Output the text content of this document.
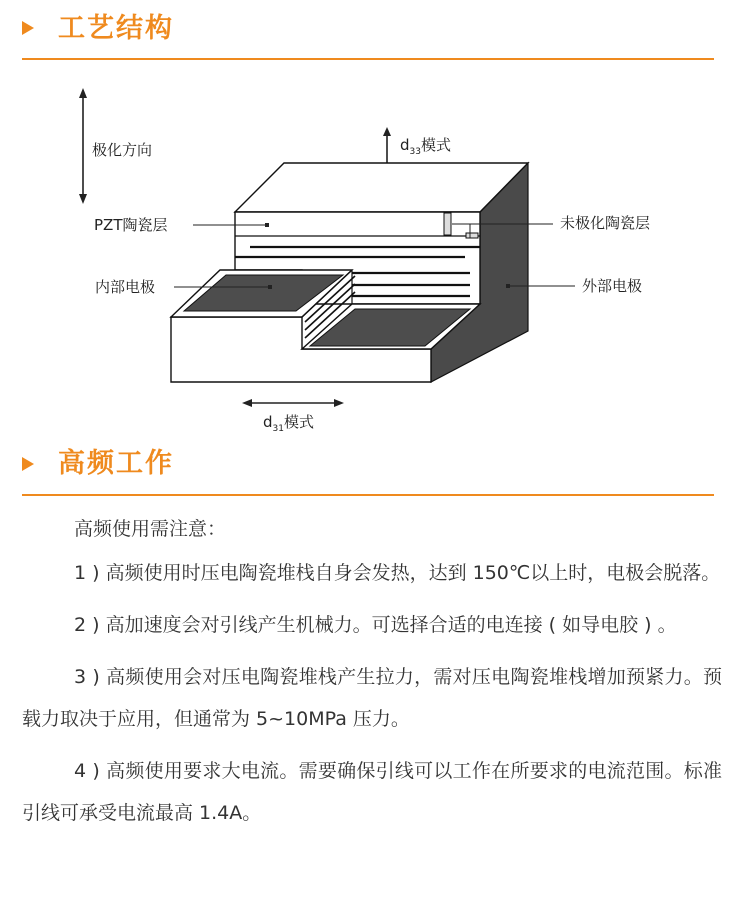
工艺结构
极化方向	$d_{33}$模式
PZT陶瓷层
内部电极
未极化陶瓷层
外部电极
$d_{31}$模式
高频工作

高频使用需注意：

1 ) 高频使用时压电陶瓷堆栈自身会发热，达到 150℃以上时，电极会脱落。

2 ) 高加速度会对引线产生机械力。可选择合适的电连接 ( 如导电胶 ) 。

3 ) 高频使用会对压电陶瓷堆栈产生拉力，需对压电陶瓷堆栈增加预紧力。预载力取决于应用，但通常为 5~10MPa 压力。

4 ) 高频使用要求大电流。需要确保引线可以工作在所要求的电流范围。标准引线可承受电流最高 1.4A。
